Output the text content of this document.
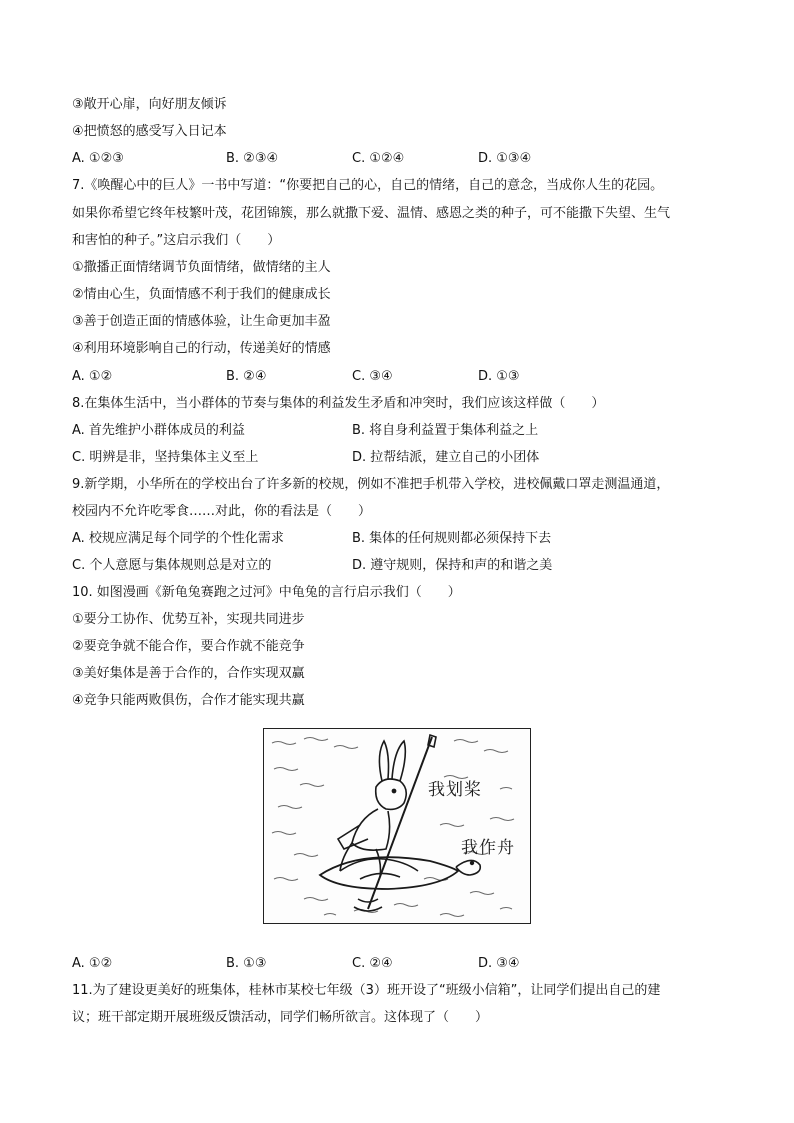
③敞开心扉，向好朋友倾诉
④把愤怒的感受写入日记本
A. ①②③	B. ②③④	C. ①②④	D. ①③④
7.《唤醒心中的巨人》一书中写道：“你要把自己的心，自己的情绪，自己的意念，当成你人生的花园。
如果你希望它终年枝繁叶茂，花团锦簇，那么就撒下爱、温情、感恩之类的种子，可不能撒下失望、生气
和害怕的种子。”这启示我们（　　）
①撒播正面情绪调节负面情绪，做情绪的主人
②情由心生，负面情感不利于我们的健康成长
③善于创造正面的情感体验，让生命更加丰盈
④利用环境影响自己的行动，传递美好的情感
A. ①②	B. ②④	C. ③④	D. ①③
8.在集体生活中，当小群体的节奏与集体的利益发生矛盾和冲突时，我们应该这样做（　　）
A. 首先维护小群体成员的利益	B. 将自身利益置于集体利益之上
C. 明辨是非，坚持集体主义至上	D. 拉帮结派，建立自己的小团体
9.新学期，小华所在的学校出台了许多新的校规，例如不准把手机带入学校，进校佩戴口罩走测温通道，
校园内不允许吃零食……对此，你的看法是（　　）
A. 校规应满足每个同学的个性化需求	B. 集体的任何规则都必须保持下去
C. 个人意愿与集体规则总是对立的	D. 遵守规则，保持和声的和谐之美
10. 如图漫画《新龟兔赛跑之过河》中龟兔的言行启示我们（　　）
①要分工协作、优势互补，实现共同进步
②要竞争就不能合作，要合作就不能竞争
③美好集体是善于合作的，合作实现双赢
④竞争只能两败俱伤，合作才能实现共赢
我划桨
我作舟
A. ①②	B. ①③	C. ②④	D. ③④
11.为了建设更美好的班集体，桂林市某校七年级（3）班开设了“班级小信箱”，让同学们提出自己的建
议；班干部定期开展班级反馈活动，同学们畅所欲言。这体现了（　　）
